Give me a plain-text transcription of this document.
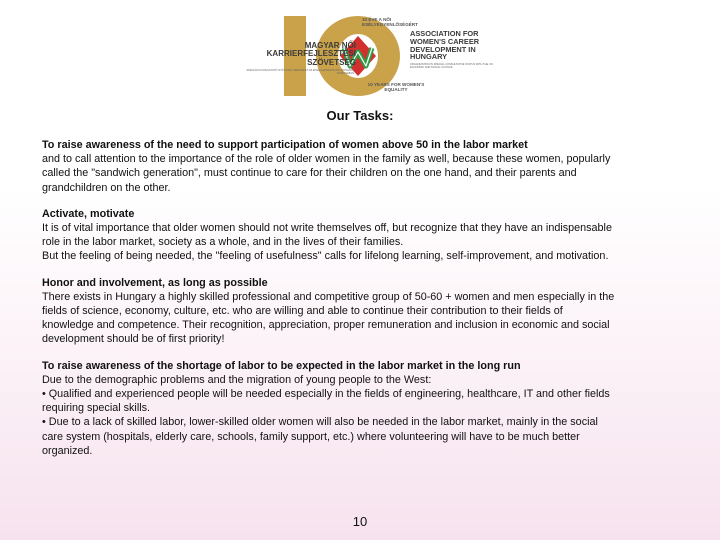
10 ÉVE A NŐI ESÉLYEGYENLŐSÉGÉRT
MAGYAR NŐI KARRIERFEJLESZTÉSI SZÖVETSÉG
SPECIÁLIS KONZULTATÍV STÁTUSZÚ SZERVEZET AZ ENSZ GAZDASÁGI ÉS SZOCIÁLIS TANÁCSÁBAN
ASSOCIATION FOR WOMEN'S CAREER DEVELOPMENT IN HUNGARY
ORGANIZATION IN SPECIAL CONSULTATIVE STATUS WITH THE UN ECONOMIC AND SOCIAL COUNCIL
10 YEARS FOR WOMEN'S EQUALITY
Our Tasks:
To raise awareness of the need to support participation of women above 50 in the labor market
and to call attention to the importance of the role of older women in the family as well, because these women, popularly
called the "sandwich generation", must continue to care for their children on the one hand, and their parents and
grandchildren on the other.
Activate, motivate
It is of vital importance that older women should not write themselves off, but recognize that they have an indispensable
role in the labor market, society as a whole, and in the lives of their families.
But the feeling of being needed, the "feeling of usefulness" calls for lifelong learning, self-improvement, and motivation.
Honor and involvement, as long as possible
There exists in Hungary a highly skilled professional and competitive group of 50-60 + women and men especially in the
fields of science, economy, culture, etc. who are willing and able to continue their contribution to their fields of
knowledge and competence. Their recognition, appreciation, proper remuneration and inclusion in economic and social
development should be of first priority!
To raise awareness of the shortage of labor to be expected in the labor market in the long run
Due to the demographic problems and the migration of young people to the West:
• Qualified and experienced people will be needed especially in the fields of engineering, healthcare, IT and other fields
requiring special skills.
• Due to a lack of skilled labor, lower-skilled older women will also be needed in the labor market, mainly in the social
care system (hospitals, elderly care, schools, family support, etc.) where volunteering will have to be much better
organized.
10
